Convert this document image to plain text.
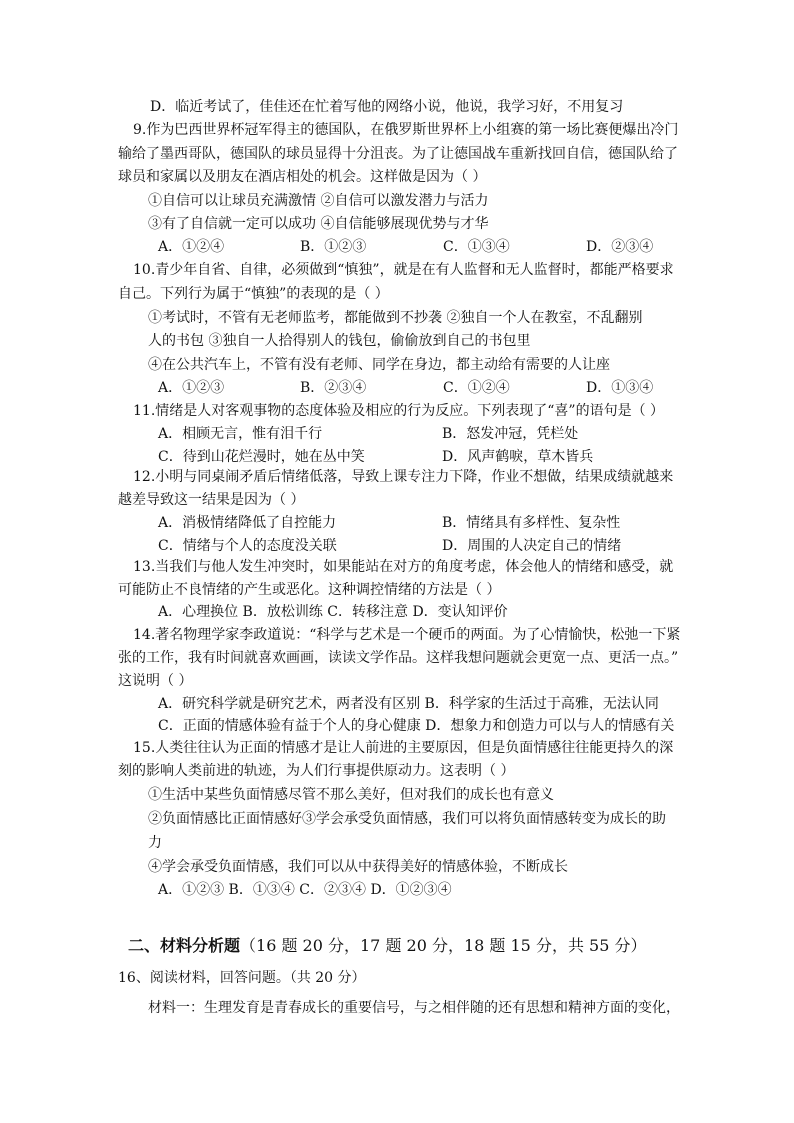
D．临近考试了，佳佳还在忙着写他的网络小说，他说，我学习好，不用复习
9.作为巴西世界杯冠军得主的德国队，在俄罗斯世界杯上小组赛的第一场比赛便爆出冷门
输给了墨西哥队，德国队的球员显得十分沮丧。为了让德国战车重新找回自信，德国队给了
球员和家属以及朋友在酒店相处的机会。这样做是因为（ ）
①自信可以让球员充满激情 ②自信可以激发潜力与活力
③有了自信就一定可以成功 ④自信能够展现优势与才华
A．①②④	B．①②③	C．①③④	D．②③④
10.青少年自省、自律，必须做到“慎独”，就是在有人监督和无人监督时，都能严格要求
自己。下列行为属于“慎独”的表现的是（ ）
①考试时，不管有无老师监考，都能做到不抄袭 ②独自一个人在教室，不乱翻别
人的书包 ③独自一人拾得别人的钱包，偷偷放到自己的书包里
④在公共汽车上，不管有没有老师、同学在身边，都主动给有需要的人让座
A．①②③	B．②③④	C．①②④	D．①③④
11.情绪是人对客观事物的态度体验及相应的行为反应。下列表现了“喜”的语句是（ ）
A．相顾无言，惟有泪千行	B．怒发冲冠，凭栏处
C．待到山花烂漫时，她在丛中笑	D．风声鹤唳，草木皆兵
12.小明与同桌闹矛盾后情绪低落，导致上课专注力下降，作业不想做，结果成绩就越来
越差导致这一结果是因为（ ）
A．消极情绪降低了自控能力	B．情绪具有多样性、复杂性
C．情绪与个人的态度没关联	D．周围的人决定自己的情绪
13.当我们与他人发生冲突时，如果能站在对方的角度考虑，体会他人的情绪和感受，就
可能防止不良情绪的产生或恶化。这种调控情绪的方法是（ ）
A．心理换位 B．放松训练 C．转移注意 D．变认知评价
14.著名物理学家李政道说：“科学与艺术是一个硬币的两面。为了心情愉快，松弛一下紧
张的工作，我有时间就喜欢画画，读读文学作品。这样我想问题就会更宽一点、更活一点。”
这说明（ ）
A．研究科学就是研究艺术，两者没有区别 B．科学家的生活过于高雅，无法认同
C．正面的情感体验有益于个人的身心健康 D．想象力和创造力可以与人的情感有关
15.人类往往认为正面的情感才是让人前进的主要原因，但是负面情感往往能更持久的深
刻的影响人类前进的轨迹，为人们行事提供原动力。这表明（ ）
①生活中某些负面情感尽管不那么美好，但对我们的成长也有意义
②负面情感比正面情感好③学会承受负面情感，我们可以将负面情感转变为成长的助
力
④学会承受负面情感，我们可以从中获得美好的情感体验，不断成长
A．①②③ B．①③④ C．②③④ D．①②③④
二、材料分析题（16 题 20 分，17 题 20 分，18 题 15 分，共 55 分）
16、阅读材料，回答问题。（共 20 分）
材料一：生理发育是青春成长的重要信号，与之相伴随的还有思想和精神方面的变化，
